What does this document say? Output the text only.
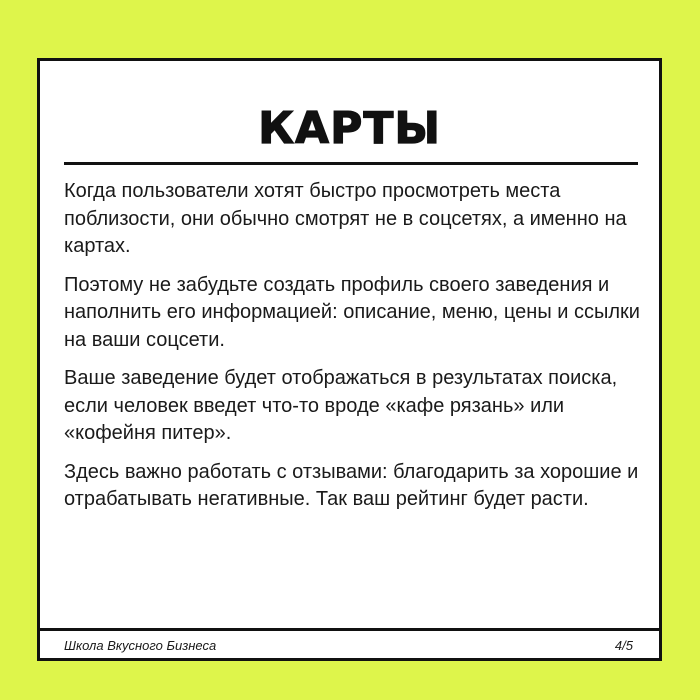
КАРТЫ

Когда пользователи хотят быстро просмотреть места поблизости, они обычно смотрят не в соцсетях, а именно на картах.

Поэтому не забудьте создать профиль своего заведения и наполнить его информацией: описание, меню, цены и ссылки на ваши соцсети.

Ваше заведение будет отображаться в результатах поиска, если человек введет что-то вроде «кафе рязань» или «кофейня питер».

Здесь важно работать с отзывами: благодарить за хорошие и отрабатывать негативные. Так ваш рейтинг будет расти.

Школа Вкусного Бизнеса	4/5
